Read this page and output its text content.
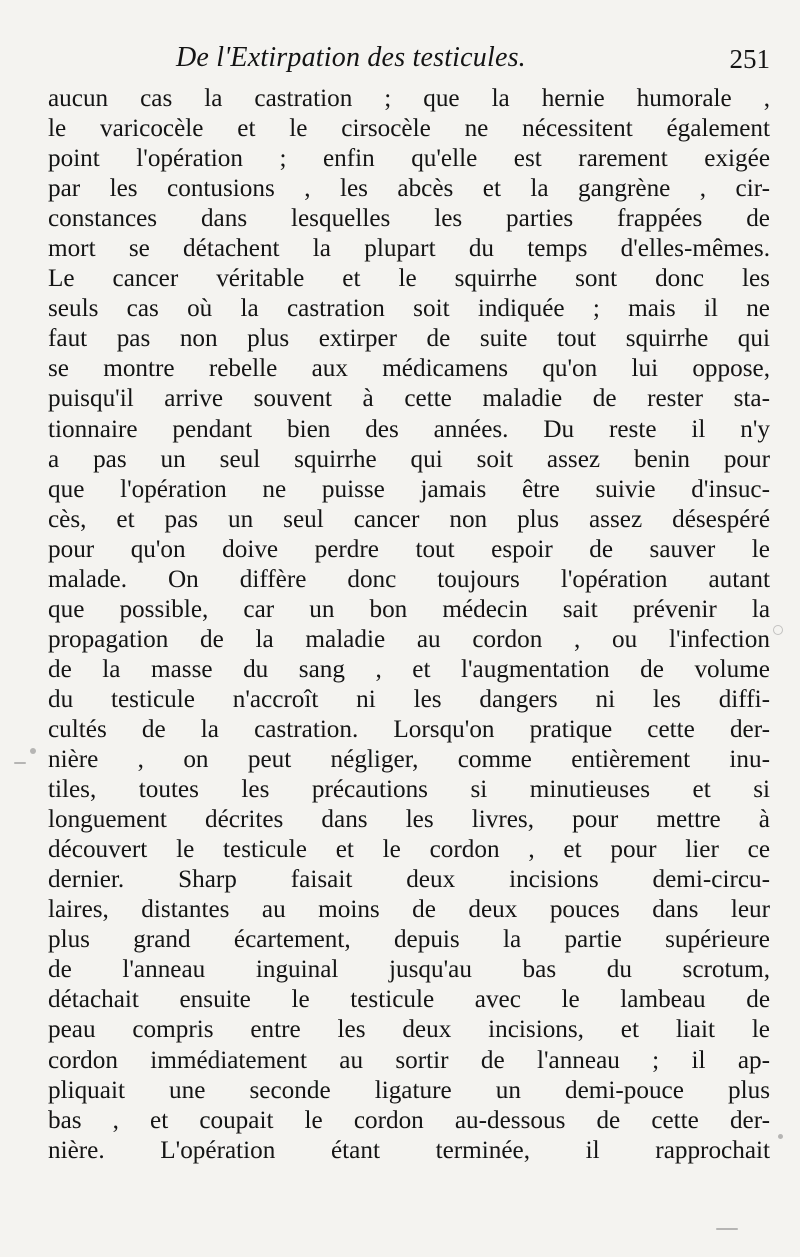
De l'Extirpation des testicules.	251
aucun cas la castration ; que la hernie humorale ,
le varicocèle et le cirsocèle ne nécessitent également
point l'opération ; enfin qu'elle est rarement exigée
par les contusions , les abcès et la gangrène , cir-
constances dans lesquelles les parties frappées de
mort se détachent la plupart du temps d'elles-mêmes.
Le cancer véritable et le squirrhe sont donc les
seuls cas où la castration soit indiquée ; mais il ne
faut pas non plus extirper de suite tout squirrhe qui
se montre rebelle aux médicamens qu'on lui oppose,
puisqu'il arrive souvent à cette maladie de rester sta-
tionnaire pendant bien des années. Du reste il n'y
a pas un seul squirrhe qui soit assez benin pour
que l'opération ne puisse jamais être suivie d'insuc-
cès, et pas un seul cancer non plus assez désespéré
pour qu'on doive perdre tout espoir de sauver le
malade. On diffère donc toujours l'opération autant
que possible, car un bon médecin sait prévenir la
propagation de la maladie au cordon , ou l'infection
de la masse du sang , et l'augmentation de volume
du testicule n'accroît ni les dangers ni les diffi-
cultés de la castration. Lorsqu'on pratique cette der-
nière , on peut négliger, comme entièrement inu-
tiles, toutes les précautions si minutieuses et si
longuement décrites dans les livres, pour mettre à
découvert le testicule et le cordon , et pour lier ce
dernier. Sharp faisait deux incisions demi-circu-
laires, distantes au moins de deux pouces dans leur
plus grand écartement, depuis la partie supérieure
de l'anneau inguinal jusqu'au bas du scrotum,
détachait ensuite le testicule avec le lambeau de
peau compris entre les deux incisions, et liait le
cordon immédiatement au sortir de l'anneau ; il ap-
pliquait une seconde ligature un demi-pouce plus
bas , et coupait le cordon au-dessous de cette der-
nière. L'opération étant terminée, il rapprochait
